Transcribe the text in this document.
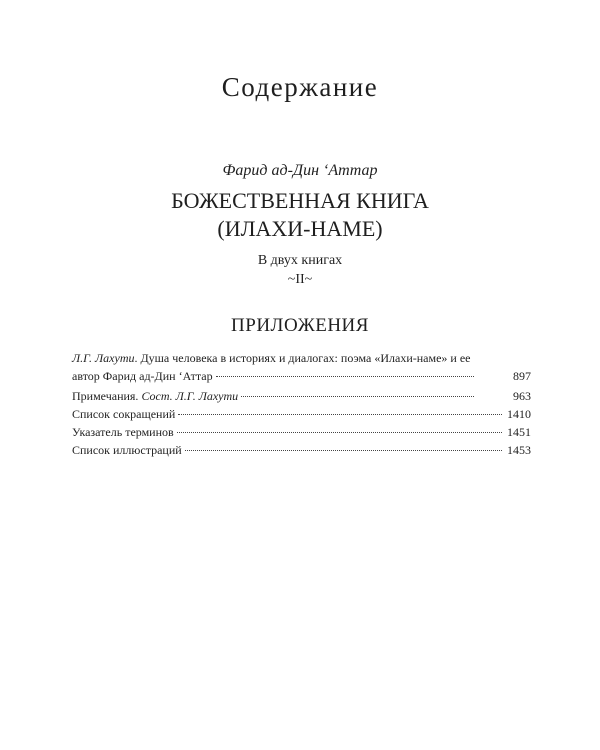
Содержание
Фарид ад-Дин ʻАттар
БОЖЕСТВЕННАЯ КНИГА
(ИЛАХИ-НАМЕ)
В двух книгах
~II~
ПРИЛОЖЕНИЯ
Л.Г. Лахути. Душа человека в историях и диалогах: поэма «Илахи-наме» и ее
автор Фарид ад-Дин ʻАттар	897
Примечания. Сост. Л.Г. Лахути	963
Список сокращений	1410
Указатель терминов	1451
Список иллюстраций	1453
